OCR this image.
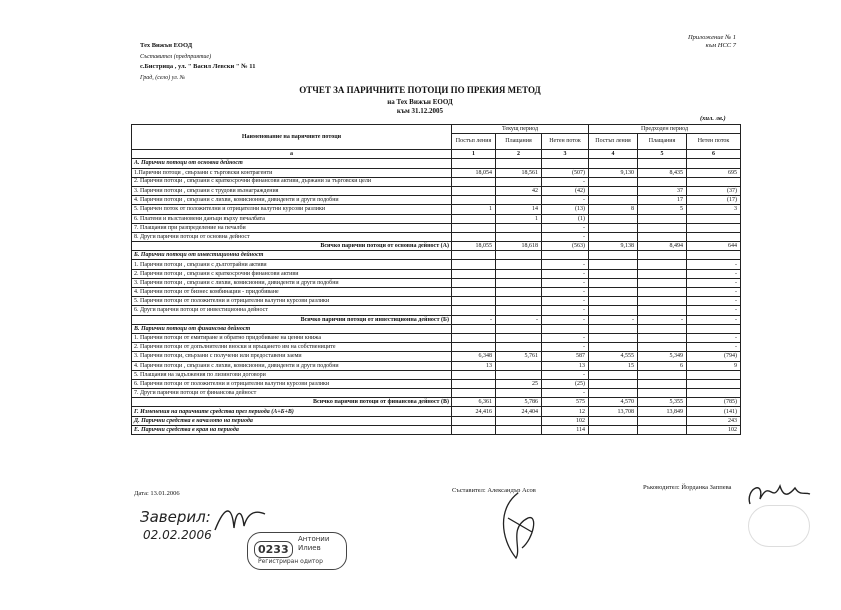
Тех Вижън ЕООД
Съставител (предприятие)
с.Бистрица , ул. " Васил Левски " № 11
Град, (село) ул. №
Приложение № 1
към НСС 7
ОТЧЕТ ЗА ПАРИЧНИТЕ ПОТОЦИ ПО ПРЕКИЯ МЕТОД
на Тех Вижън ЕООД
към 31.12.2005
(хил. лв.)
Наименование на паричните потоци	Текущ период			Предходен период		
	Постъп ления	Плащания	Нетен поток	Постъп ления	Плащания	Нетен поток
а	1	2	3	4	5	6
А. Парични потоци от основна дейност						
1.Парични потоци , свързани с търговски контрагенти	18,054	18,561	(507)	9,130	8,435	695
2. Парични потоци , свързани с краткосрочни финансови активи, държани за търговски цели			-			
3. Парични потоци , свързани с трудови възнаграждения		42	(42)		37	(37)
4. Парични потоци , свързани с лихви, комисионни, дивиденти и други подобни			-		17	(17)
5. Паричен поток от положителни и отрицателни валутни курсови разлики	1	14	(13)	8	5	3
6. Платени и възстановени данъци върху печалбата		1	(1)			
7. Плащания при разпределение на печалби			-			
8. Други парични потоци от основна дейност			-			
Всичко парични потоци от основна дейност (А)	18,055	18,618	(563)	9,138	8,494	644
Б. Парични потоци от инвестиционна дейност						
1. Парични потоци , свързани с дълготрайни активи			-			-
2. Парични потоци , свързани с краткосрочни финансови активи			-			-
3. Парични потоци , свързани с лихви, комисионни, дивиденти и други подобни			-			-
4. Парични потоци от бизнес комбинации - придобиване			-			-
5. Парични потоци от положителни и отрицателни валутни курсови разлики			-			-
6. Други парични потоци от инвестиционна дейност			-			-
Всичко парични потоци от инвестиционна дейност (Б)	-	-	-	-	-	-
В. Парични потоци от финансова дейност						
1. Парични потоци от емитиране и обратно придобиване на ценни книжа			-			-
2. Парични потоци от допълнителни вноски и връщането им на собствениците			-			-
3. Парични потоци, свързани с получени или предоставени заеми	6,348	5,761	587	4,555	5,349	(794)
4. Парични потоци , свързани с лихви, комисионни, дивиденти и други подобни	13		13	15	6	9
5. Плащания на задължения по лизингови договори			-			
6. Парични потоци от положителни и отрицателни валутни курсови разлики		25	(25)			
7. Други парични потоци от финансова дейност			-			
Всичко парични потоци от финансова дейност (В)	6,361	5,786	575	4,570	5,355	(785)
Г. Изменения на паричните средства през периода (А+Б+В)	24,416	24,404	12	13,708	13,849	(141)
Д. Парични средства в началото на периода			102			243
Е. Парични средства в края на периода			114			102
Дата: 13.01.2006	Съставител: Александър Асов	Ръководител: Йорданка Заппева
Заверил:
02.02.2006
0233
Антонии
Илиев
Регистриран одитор
